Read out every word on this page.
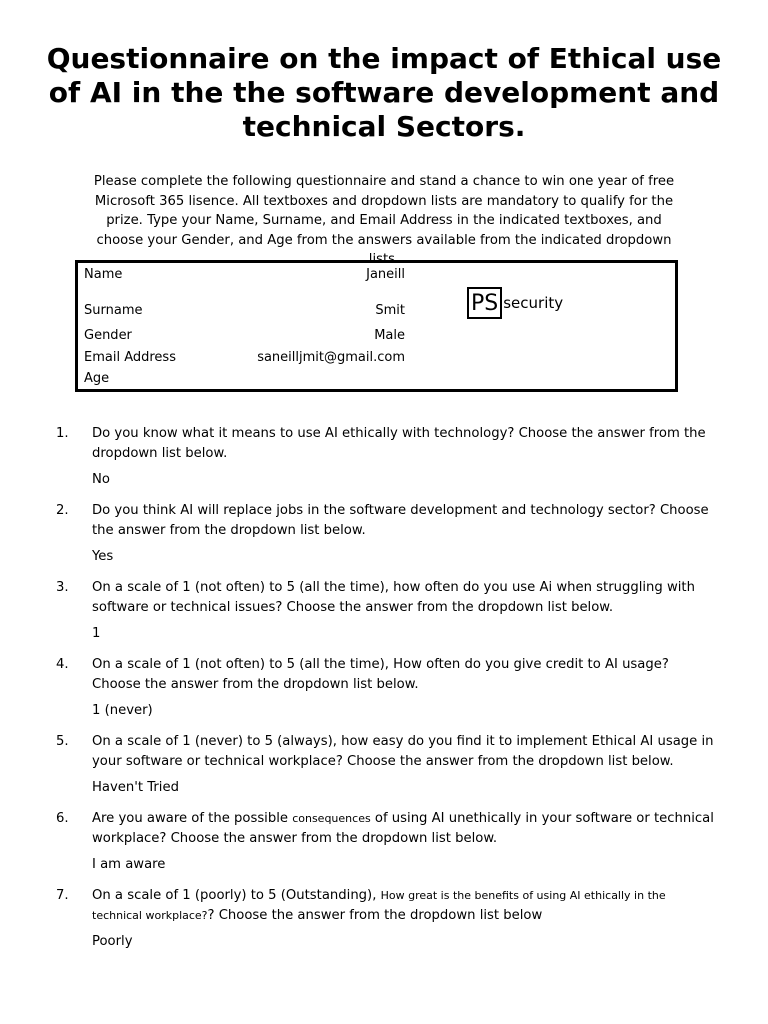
Questionnaire on the impact of Ethical use of AI in the the software development and technical Sectors.
Please complete the following questionnaire and stand a chance to win one year of free Microsoft 365 lisence. All textboxes and dropdown lists are mandatory to qualify for the prize. Type your Name, Surname, and Email Address in the indicated textboxes, and choose your Gender, and Age from the answers available from the indicated dropdown lists.
Name	Janeill
Surname	Smit
Gender	Male
Email Address	saneilljmit@gmail.com
Age
PS security
1. Do you know what it means to use AI ethically with technology? Choose the answer from the dropdown list below.
No
2. Do you think AI will replace jobs in the software development and technology sector? Choose the answer from the dropdown list below.
Yes
3. On a scale of 1 (not often) to 5 (all the time), how often do you use Ai when struggling with software or technical issues? Choose the answer from the dropdown list below.
1
4. On a scale of 1 (not often) to 5 (all the time), How often do you give credit to AI usage? Choose the answer from the dropdown list below.
1 (never)
5. On a scale of 1 (never) to 5 (always), how easy do you find it to implement Ethical AI usage in your software or technical workplace? Choose the answer from the dropdown list below.
Haven't Tried
6. Are you aware of the possible consequences of using AI unethically in your software or technical workplace? Choose the answer from the dropdown list below.
I am aware
7. On a scale of 1 (poorly) to 5 (Outstanding), How great is the benefits of using AI ethically in the technical workplace?? Choose the answer from the dropdown list below
Poorly
